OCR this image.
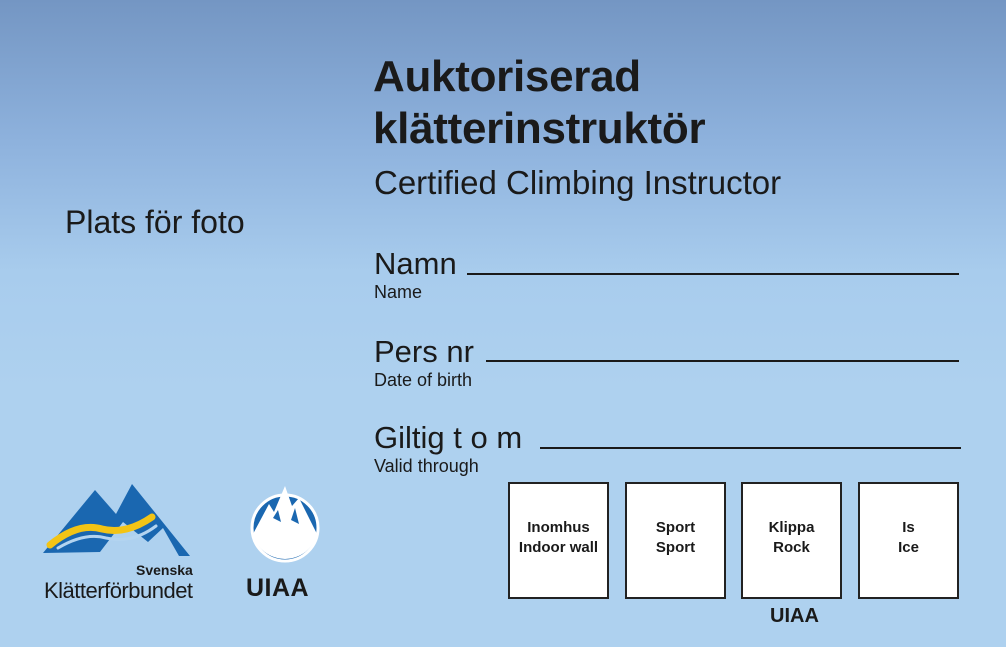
Auktoriserad
klätterinstruktör
Certified Climbing Instructor
Plats för foto
Namn
Name
Pers nr
Date of birth
Giltig t o m
Valid through
Inomhus
Indoor wall
Sport
Sport
Klippa
Rock
Is
Ice
UIAA
Svenska
Klätterförbundet UIAA
